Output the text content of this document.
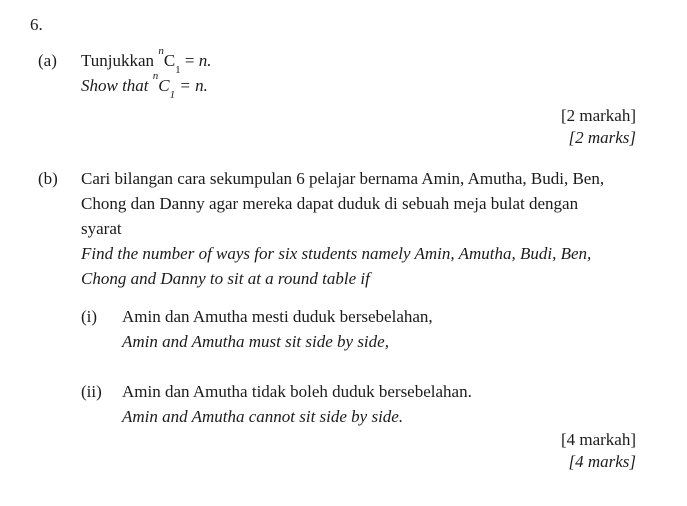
6.
(a)	Tunjukkan $^nC_1 = n$.
Show that $^nC_1 = n$.
[2 markah]
[2 marks]
(b)	Cari bilangan cara sekumpulan 6 pelajar bernama Amin, Amutha, Budi, Ben,
Chong dan Danny agar mereka dapat duduk di sebuah meja bulat dengan
syarat
Find the number of ways for six students namely Amin, Amutha, Budi, Ben,
Chong and Danny to sit at a round table if
(i)	Amin dan Amutha mesti duduk bersebelahan,
Amin and Amutha must sit side by side,
(ii)	Amin dan Amutha tidak boleh duduk bersebelahan.
Amin and Amutha cannot sit side by side.
[4 markah]
[4 marks]
